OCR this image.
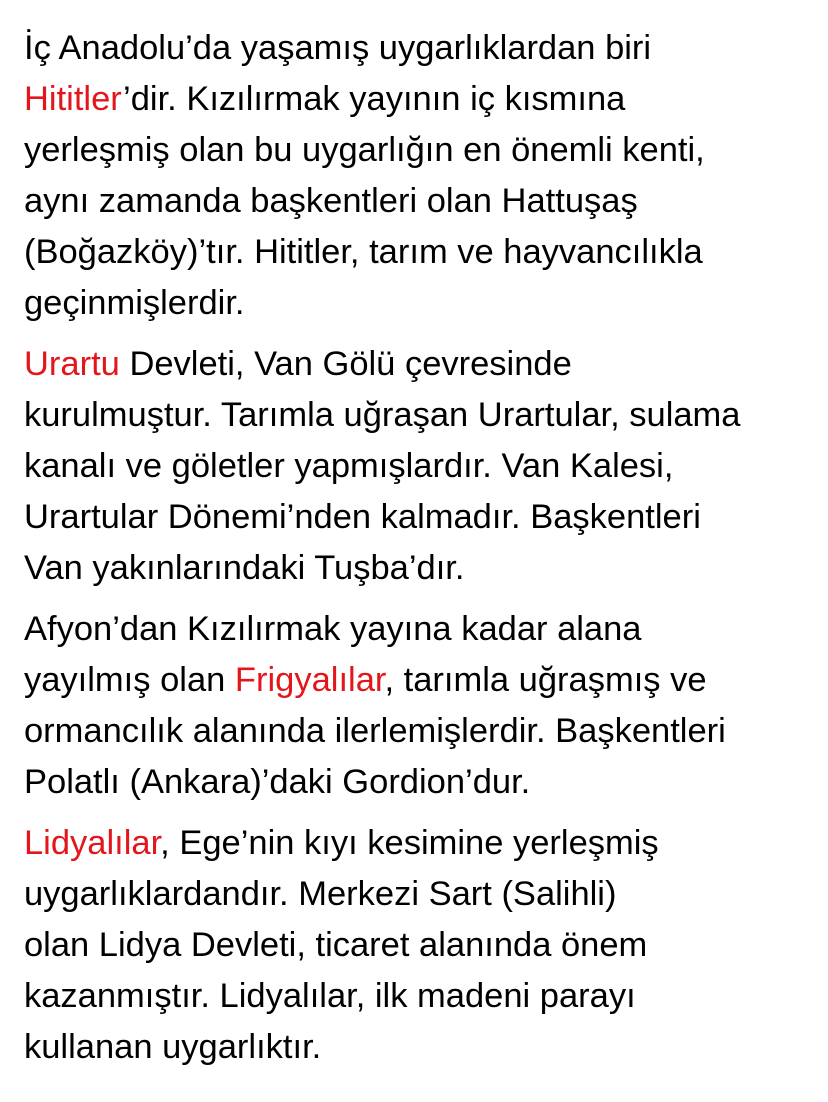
İç Anadolu’da yaşamış uygarlıklardan biri
Hititler’dir. Kızılırmak yayının iç kısmına
yerleşmiş olan bu uygarlığın en önemli kenti,
aynı zamanda başkentleri olan Hattuşaş
(Boğazköy)’tır. Hititler, tarım ve hayvancılıkla
geçinmişlerdir.
Urartu Devleti, Van Gölü çevresinde
kurulmuştur. Tarımla uğraşan Urartular, sulama
kanalı ve göletler yapmışlardır. Van Kalesi,
Urartular Dönemi’nden kalmadır. Başkentleri
Van yakınlarındaki Tuşba’dır.
Afyon’dan Kızılırmak yayına kadar alana
yayılmış olan Frigyalılar, tarımla uğraşmış ve
ormancılık alanında ilerlemişlerdir. Başkentleri
Polatlı (Ankara)’daki Gordion’dur.
Lidyalılar, Ege’nin kıyı kesimine yerleşmiş
uygarlıklardandır. Merkezi Sart (Salihli)
olan Lidya Devleti, ticaret alanında önem
kazanmıştır. Lidyalılar, ilk madeni parayı
kullanan uygarlıktır.
